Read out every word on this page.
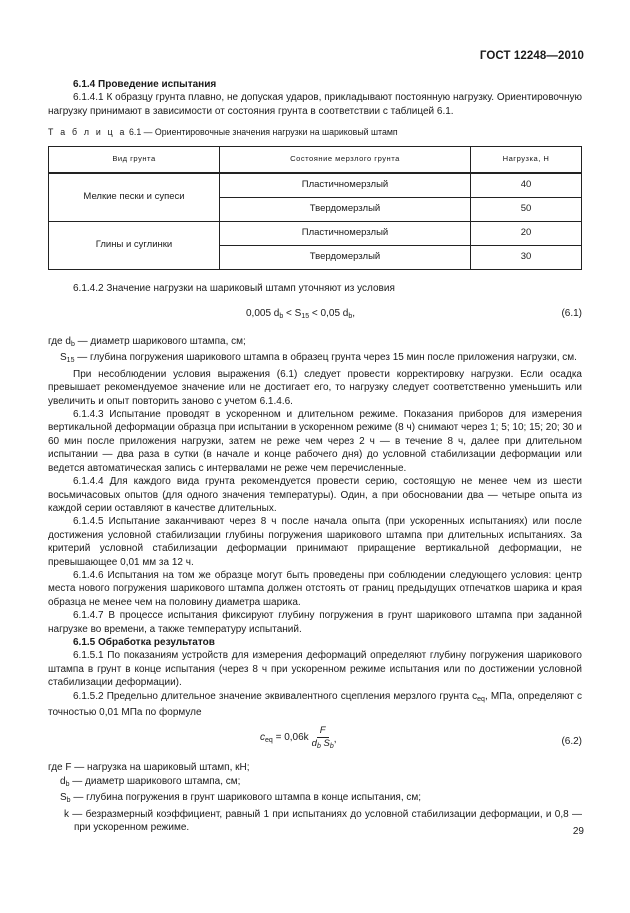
ГОСТ 12248—2010

6.1.4 Проведение испытания

6.1.4.1 К образцу грунта плавно, не допуская ударов, прикладывают постоянную нагрузку. Ориентировочную нагрузку принимают в зависимости от состояния грунта в соответствии с таблицей 6.1.

Т а б л и ц а 6.1 — Ориентировочные значения нагрузки на шариковый штамп

Вид грунта	Состояние мерзлого грунта	Нагрузка, Н
Мелкие пески и супеси	Пластичномерзлый	40
	Твердомерзлый	50
Глины и суглинки	Пластичномерзлый	20
	Твердомерзлый	30

6.1.4.2 Значение нагрузки на шариковый штамп уточняют из условия

0,005 $d_b < S_{15} < 0,05$ $d_b$,	(6.1)

где $d_b$ — диаметр шарикового штампа, см;

$S_{15}$ — глубина погружения шарикового штампа в образец грунта через 15 мин после приложения нагрузки, см.

При несоблюдении условия выражения (6.1) следует провести корректировку нагрузки. Если осадка превышает рекомендуемое значение или не достигает его, то нагрузку следует соответственно уменьшить или увеличить и опыт повторить заново с учетом 6.1.4.6.

6.1.4.3 Испытание проводят в ускоренном и длительном режиме. Показания приборов для измерения вертикальной деформации образца при испытании в ускоренном режиме (8 ч) снимают через 1; 5; 10; 15; 20; 30 и 60 мин после приложения нагрузки, затем не реже чем через 2 ч — в течение 8 ч, далее при длительном испытании — два раза в сутки (в начале и конце рабочего дня) до условной стабилизации деформации или ведется автоматическая запись с интервалами не реже чем перечисленные.

6.1.4.4 Для каждого вида грунта рекомендуется провести серию, состоящую не менее чем из шести восьмичасовых опытов (для одного значения температуры). Один, а при обосновании два — четыре опыта из каждой серии оставляют в качестве длительных.

6.1.4.5 Испытание заканчивают через 8 ч после начала опыта (при ускоренных испытаниях) или после достижения условной стабилизации глубины погружения шарикового штампа при длительных испытаниях. За критерий условной стабилизации деформации принимают приращение вертикальной деформации, не превышающее 0,01 мм за 12 ч.

6.1.4.6 Испытания на том же образце могут быть проведены при соблюдении следующего условия: центр места нового погружения шарикового штампа должен отстоять от границ предыдущих отпечатков шарика и края образца не менее чем на половину диаметра шарика.

6.1.4.7 В процессе испытания фиксируют глубину погружения в грунт шарикового штампа при заданной нагрузке во времени, а также температуру испытаний.

6.1.5 Обработка результатов

6.1.5.1 По показаниям устройств для измерения деформаций определяют глубину погружения шарикового штампа в грунт в конце испытания (через 8 ч при ускоренном режиме испытания или по достижении условной стабилизации деформации).

6.1.5.2 Предельно длительное значение эквивалентного сцепления мерзлого грунта $c_{eq}$, МПа, определяют с точностью 0,01 МПа по формуле

$c_{eq} = 0,06k \frac{F}{d_b S_b}$ ,	(6.2)

где F — нагрузка на шариковый штамп, кН;

$d_b$ — диаметр шарикового штампа, см;

$S_b$ — глубина погружения в грунт шарикового штампа в конце испытания, см;

k — безразмерный коэффициент, равный 1 при испытаниях до условной стабилизации деформации, и 0,8 — при ускоренном режиме.	29
